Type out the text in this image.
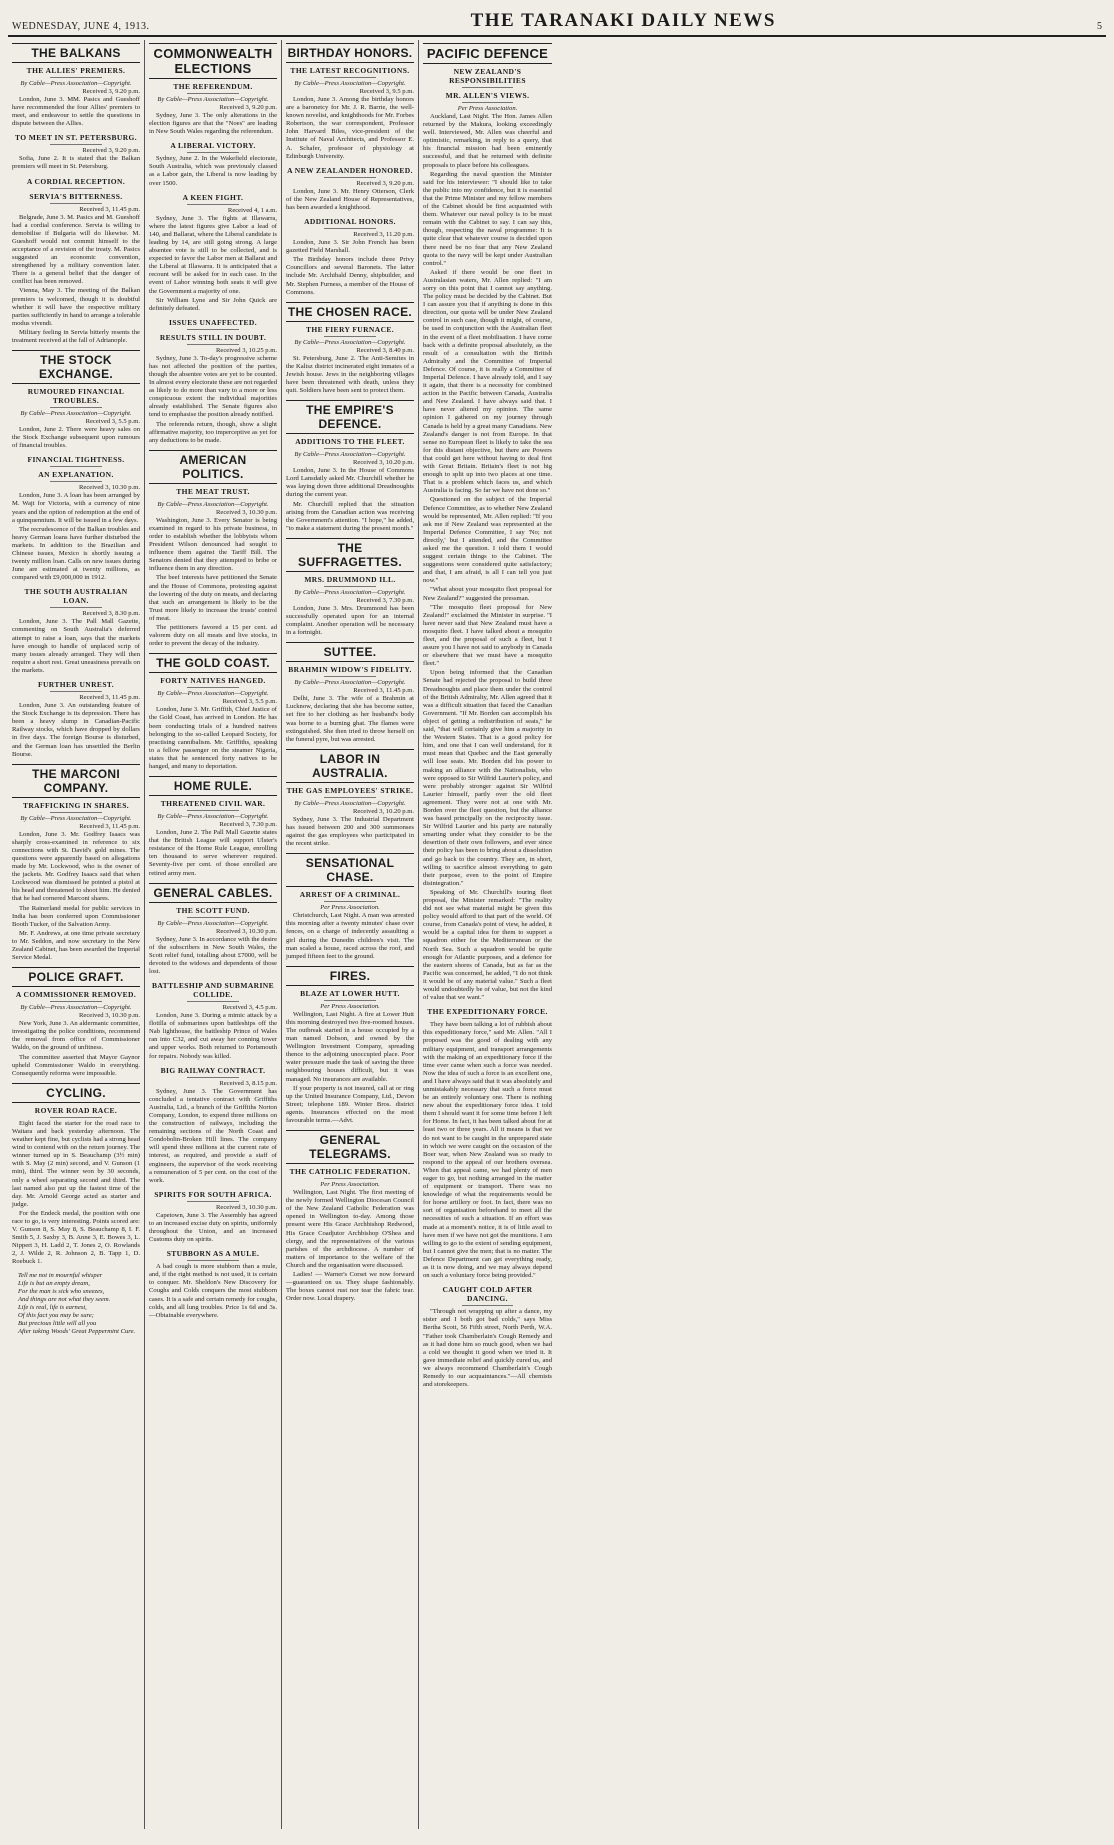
WEDNESDAY, JUNE 4, 1913.	THE TARANAKI DAILY NEWS	5
THE BALKANS
THE ALLIES' PREMIERS.
By Cable—Press Association—Copyright.
Received 3, 9.20 p.m.

London, June 3. MM. Pasics and Gueshoff have recommended the four Allies' premiers to meet, and endeavour to settle the questions in dispute between the Allies.

TO MEET IN ST. PETERSBURG.
Received 3, 9.20 p.m.

Sofia, June 2. It is stated that the Balkan premiers will meet in St. Petersburg.

A CORDIAL RECEPTION.
SERVIA'S BITTERNESS.
Received 3, 11.45 p.m.

Belgrade, June 3. M. Pasics and M. Gueshoff had a cordial conference. Servia is willing to demobilise if Bulgaria will do likewise. M. Gueshoff would not commit himself to the acceptance of a revision of the treaty. M. Pasics suggested an economic convention, strengthened by a military convention later. There is a general belief that the danger of conflict has been removed.

Vienna, May 3. The meeting of the Balkan premiers is welcomed, though it is doubtful whether it will have the respective military parties sufficiently in hand to arrange a tolerable modus vivendi.

Military feeling in Servia bitterly resents the treatment received at the fall of Adrianople.

THE STOCK EXCHANGE.
RUMOURED FINANCIAL TROUBLES.
By Cable—Press Association—Copyright.
Received 3, 5.5 p.m.

London, June 2. There were heavy sales on the Stock Exchange subsequent upon rumours of financial troubles.

FINANCIAL TIGHTNESS.
AN EXPLANATION.
Received 3, 10.30 p.m.

London, June 3. A loan has been arranged by M. Wajt for Victoria, with a currency of nine years and the option of redemption at the end of a quinquennium. It will be issued in a few days.

The recrudescence of the Balkan troubles and heavy German loans have further disturbed the markets. In addition to the Brazilian and Chinese issues, Mexico is shortly issuing a twenty million loan. Calls on new issues during June are estimated at twenty millions, as compared with £9,000,000 in 1912.

THE SOUTH AUSTRALIAN LOAN.
Received 3, 8.30 p.m.

London, June 3. The Pall Mall Gazette, commenting on South Australia's deferred attempt to raise a loan, says that the markets have enough to handle of unplaced scrip of many issues already arranged. They will then require a short rest. Great uneasiness prevails on the markets.

FURTHER UNREST.
Received 3, 11.45 p.m.

London, June 3. An outstanding feature of the Stock Exchange is its depression. There has been a heavy slump in Canadian-Pacific Railway stocks, which have dropped by dollars in five days. The foreign Bourse is disturbed, and the German loan has unsettled the Berlin Bourse.

THE MARCONI COMPANY.
TRAFFICKING IN SHARES.
By Cable—Press Association—Copyright.
Received 3, 11.45 p.m.

London, June 3. Mr. Godfrey Isaacs was sharply cross-examined in reference to six connections with St. David's gold mines. The questions were apparently based on allegations made by Mr. Lockwood, who is the owner of the jackets. Mr. Godfrey Isaacs said that when Lockwood was dismissed he pointed a pistol at his head and threatened to shoot him. He denied that he had cornered Marconi shares.

The Rainerland medal for public services in India has been conferred upon Commissioner Booth Tucker, of the Salvation Army.

Mr. F. Andrews, at one time private secretary to Mr. Seddon, and now secretary to the New Zealand Cabinet, has been awarded the Imperial Service Medal.

POLICE GRAFT.
A COMMISSIONER REMOVED.
By Cable—Press Association—Copyright.
Received 3, 10.30 p.m.

New York, June 3. An aldermanic committee, investigating the police conditions, recommend the removal from office of Commissioner Waldo, on the ground of unfitness.

The committee asserted that Mayor Gaynor upheld Commissioner Waldo in everything. Consequently reforms were impossible.

CYCLING.
ROVER ROAD RACE.

Eight faced the starter for the road race to Waitara and back yesterday afternoon. The weather kept fine, but cyclists had a strong head wind to contend with on the return journey. The winner turned up in S. Beauchamp (3½ min) with S. May (2 min) second, and V. Gunson (1 min), third. The winner won by 30 seconds, only a wheel separating second and third. The last named also put up the fastest time of the day. Mr. Arnold George acted as starter and judge.

For the Endeck medal, the position with one race to go, is very interesting. Points scored are: V. Gunson 8, S. May 8, S. Beauchamp 8, I. F. Smith 5, J. Saxby 3, B. Anne 3, E. Bowes 3, L. Nippert 3, H. Ladd 2, T. Jones 2, O. Rowlands 2, J. Wilde 2, R. Johnson 2, B. Tapp 1, D. Roebuck 1.

Tell me not in mournful whisper
Life is but an empty dream,
For the man is sick who sneezes,
And things are not what they seem.
Life is real, life is earnest,
Of this fact you may be sure;
But precious little will all you
After taking Woods' Great Peppermint Cure.
COMMONWEALTH ELECTIONS
THE REFERENDUM.
By Cable—Press Association—Copyright.
Received 3, 9.20 p.m.

Sydney, June 3. The only alterations in the election figures are that the "Noes" are leading in New South Wales regarding the referendum.

A LIBERAL VICTORY.

Sydney, June 2. In the Wakefield electorate, South Australia, which was previously classed as a Labor gain, the Liberal is now leading by over 1500.

A KEEN FIGHT.
Received 4, 1 a.m.

Sydney, June 3. The fights at Illawarra, where the latest figures give Labor a lead of 140, and Ballarat, where the Liberal candidate is leading by 14, are still going strong. A large absentee vote is still to be collected, and is expected to favor the Labor men at Ballarat and the Liberal at Illawarra. It is anticipated that a recount will be asked for in each case. In the event of Labor winning both seats it will give the Government a majority of one.

Sir William Lyne and Sir John Quick are definitely defeated.

ISSUES UNAFFECTED.
RESULTS STILL IN DOUBT.
Received 3, 10.25 p.m.

Sydney, June 3. To-day's progressive scheme has not affected the position of the parties, though the absentee votes are yet to be counted. In almost every electorate these are not regarded as likely to do more than vary to a more or less conspicuous extent the individual majorities already established. The Senate figures also tend to emphasise the position already notified.

The referenda return, though, show a slight affirmative majority, too imperceptive as yet for any deductions to be made.

AMERICAN POLITICS.
THE MEAT TRUST.
By Cable—Press Association—Copyright.
Received 3, 10.30 p.m.

Washington, June 3. Every Senator is being examined in regard to his private business, in order to establish whether the lobbyists whom President Wilson denounced had sought to influence them against the Tariff Bill. The Senators denied that they attempted to bribe or influence them in any direction.

The beef interests have petitioned the Senate and the House of Commons, protesting against the lowering of the duty on meats, and declaring that such an arrangement is likely to be the Trust more likely to increase the trusts' control of meat.

The petitioners favored a 15 per cent. ad valorem duty on all meats and live stocks, in order to prevent the decay of the industry.

THE GOLD COAST.
FORTY NATIVES HANGED.
By Cable—Press Association—Copyright.
Received 3, 5.5 p.m.

London, June 3. Mr. Griffith, Chief Justice of the Gold Coast, has arrived in London. He has been conducting trials of a hundred natives belonging to the so-called Leopard Society, for practising cannibalism. Mr. Griffiths, speaking to a fellow passenger on the steamer Nigeria, states that he sentenced forty natives to be hanged, and many to deportation.

HOME RULE.
THREATENED CIVIL WAR.
By Cable—Press Association—Copyright.
Received 3, 7.30 p.m.

London, June 2. The Pall Mall Gazette states that the British League will support Ulster's resistance of the Home Rule League, enrolling ten thousand to serve wherever required. Seventy-five per cent. of those enrolled are retired army men.

GENERAL CABLES.
THE SCOTT FUND.
By Cable—Press Association—Copyright.
Received 3, 10.30 p.m.

Sydney, June 3. In accordance with the desire of the subscribers in New South Wales, the Scott relief fund, totalling about £7000, will be devoted to the widows and dependents of those lost.

BATTLESHIP AND SUBMARINE COLLIDE.
Received 3, 4.5 p.m.

London, June 3. During a mimic attack by a flotilla of submarines upon battleships off the Nab lighthouse, the battleship Prince of Wales ran into C32, and cut away her conning tower and upper works. Both returned to Portsmouth for repairs. Nobody was killed.

BIG RAILWAY CONTRACT.
Received 3, 8.15 p.m.

Sydney, June 3. The Government has concluded a tentative contract with Griffiths Australia, Ltd., a branch of the Griffiths Norton Company, London, to expend three millions on the construction of railways, including the remaining sections of the North Coast and Condobolin-Broken Hill lines. The company will spend three millions at the current rate of interest, as required, and provide a staff of engineers, the supervisor of the work receiving a remuneration of 5 per cent. on the cost of the work.

SPIRITS FOR SOUTH AFRICA.
Received 3, 10.30 p.m.

Capetown, June 3. The Assembly has agreed to an increased excise duty on spirits, uniformly throughout the Union, and an increased Customs duty on spirits.

STUBBORN AS A MULE.

A bad cough is more stubborn than a mule, and, if the right method is not used, it is certain to conquer. Mr. Sheldon's New Discovery for Coughs and Colds conquers the most stubborn cases. It is a safe and certain remedy for coughs, colds, and all lung troubles. Price 1s 6d and 3s.—Obtainable everywhere.

BIRTHDAY HONORS.
THE LATEST RECOGNITIONS.
By Cable—Press Association—Copyright.
Received 3, 9.5 p.m.

London, June 3. Among the birthday honors are a baronetcy for Mr. J. R. Barrie, the well-known novelist, and knighthoods for Mr. Forbes Robertson, the war correspondent, Professor John Harvard Biles, vice-president of the Institute of Naval Architects, and Professor E. A. Schafer, professor of physiology at Edinburgh University.

A NEW ZEALANDER HONORED.
Received 3, 9.20 p.m.

London, June 3. Mr. Henry Otterson, Clerk of the New Zealand House of Representatives, has been awarded a knighthood.

ADDITIONAL HONORS.
Received 3, 11.20 p.m.

London, June 3. Sir John French has been gazetted Field Marshall.

The Birthday honors include three Privy Councillors and several Baronets. The latter include Mr. Archibald Denny, shipbuilder, and Mr. Stephen Furness, a member of the House of Commons.

THE CHOSEN RACE.
THE FIERY FURNACE.
By Cable—Press Association—Copyright.
Received 3, 8.40 p.m.

St. Petersburg, June 2. The Anti-Semites in the Kalisz district incinerated eight inmates of a Jewish house. Jews in the neighboring villages have been threatened with death, unless they quit. Soldiers have been sent to protect them.

THE EMPIRE'S DEFENCE.
ADDITIONS TO THE FLEET.
By Cable—Press Association—Copyright.
Received 3, 10.20 p.m.

London, June 3. In the House of Commons Lord Lansdaily asked Mr. Churchill whether he was laying down three additional Dreadnoughts during the current year.

Mr. Churchill replied that the situation arising from the Canadian action was receiving the Government's attention. "I hope," he added, "to make a statement during the present month."

THE SUFFRAGETTES.
MRS. DRUMMOND ILL.
By Cable—Press Association—Copyright.
Received 3, 7.30 p.m.

London, June 3. Mrs. Drummond has been successfully operated upon for an internal complaint. Another operation will be necessary in a fortnight.

SUTTEE.
BRAHMIN WIDOW'S FIDELITY.
By Cable—Press Association—Copyright.
Received 3, 11.45 p.m.

Delhi, June 3. The wife of a Brahmin at Lucknow, declaring that she has become suttee, set fire to her clothing as her husband's body was borne to a burning ghat. The flames were extinguished. She then tried to throw herself on the funeral pyre, but was arrested.

LABOR IN AUSTRALIA.
THE GAS EMPLOYEES' STRIKE.
By Cable—Press Association—Copyright.
Received 3, 10.20 p.m.

Sydney, June 3. The Industrial Department has issued between 200 and 300 summonses against the gas employees who participated in the recent strike.

SENSATIONAL CHASE.
ARREST OF A CRIMINAL.
Per Press Association.

Christchurch, Last Night. A man was arrested this morning after a twenty minutes' chase over fences, on a charge of indecently assaulting a girl during the Dunedin children's visit. The man scaled a house, raced across the roof, and jumped fifteen feet to the ground.

FIRES.
BLAZE AT LOWER HUTT.
Per Press Association.

Wellington, Last Night. A fire at Lower Hutt this morning destroyed two five-roomed houses. The outbreak started in a house occupied by a man named Dobson, and owned by the Wellington Investment Company, spreading thence to the adjoining unoccupied place. Poor water pressure made the task of saving the three neighbouring houses difficult, but it was managed. No insurances are available.

If your property is not insured, call at or ring up the United Insurance Company, Ltd., Devon Street; telephone 189. Winter Bros. district agents. Insurances effected on the most favourable terms.—Advt.

GENERAL TELEGRAMS.
THE CATHOLIC FEDERATION.
Per Press Association.

Wellington, Last Night. The first meeting of the newly formed Wellington Diocesan Council of the New Zealand Catholic Federation was opened in Wellington to-day. Among those present were His Grace Archbishop Redwood, His Grace Coadjutor Archbishop O'Shea and clergy, and the representatives of the various parishes of the archdiocese. A number of matters of importance to the welfare of the Church and the organisation were discussed.

Ladies! — Warner's Corset we now forward—guaranteed on us. They shape fashionably. The boxes cannot rust nor tear the fabric tear. Order now. Local drapery.

PACIFIC DEFENCE
NEW ZEALAND'S RESPONSIBILITIES
MR. ALLEN'S VIEWS.
Per Press Association.

Auckland, Last Night. The Hon. James Allen returned by the Makura, looking exceedingly well. Interviewed, Mr. Allen was cheerful and optimistic, remarking, in reply to a query, that his financial mission had been eminently successful, and that he returned with definite proposals to place before his colleagues.

Regarding the naval question the Minister said for his interviewer: "I should like to take the public into my confidence, but it is essential that the Prime Minister and my fellow members of the Cabinet should be first acquainted with them. Whatever our naval policy is to be must remain with the Cabinet to say. I can say this, though, respecting the naval programme: It is quite clear that whatever course is decided upon there need be no fear that any New Zealand quota to the navy will be kept under Australian control."

Asked if there would be one fleet in Australasian waters, Mr. Allen replied: "I am sorry on this point that I cannot say anything. The policy must be decided by the Cabinet. But I can assure you that if anything is done in this direction, our quota will be under New Zealand control in such case, though it might, of course, be used in conjunction with the Australian fleet in the event of a fleet mobilisation. I have come back with a definite proposal absolutely, as the result of a consultation with the British Admiralty and the Committee of Imperial Defence. Of course, it is really a Committee of Imperial Defence. I have already told, and I say it again, that there is a necessity for combined action in the Pacific between Canada, Australia and New Zealand. I have always said that. I have never altered my opinion. The same opinion I gathered on my journey through Canada is held by a great many Canadians. New Zealand's danger is not from Europe. In that sense no European fleet is likely to take the sea for this distant objective, but there are Powers that could get here without having to deal first with Great Britain. Britain's fleet is not big enough to split up into two places at one time. That is a problem which faces us, and which Australia is facing. So far we have not done so."

Questioned on the subject of the Imperial Defence Committee, as to whether New Zealand would be represented, Mr. Allen replied: "If you ask me if New Zealand was represented at the Imperial Defence Committee, I say 'No; not directly,' but I attended, and the Committee asked me the question. I told them I would suggest certain things to the Cabinet. The suggestions were considered quite satisfactory; and that, I am afraid, is all I can tell you just now."

"What about your mosquito fleet proposal for New Zealand?" suggested the pressman.

"The mosquito fleet proposal for New Zealand!" exclaimed the Minister in surprise. "I have never said that New Zealand must have a mosquito fleet. I have talked about a mosquito fleet, and the proposal of such a fleet, but I assure you I have not said to anybody in Canada or elsewhere that we must have a mosquito fleet."

Upon being informed that the Canadian Senate had rejected the proposal to build three Dreadnoughts and place them under the control of the British Admiralty, Mr. Allen agreed that it was a difficult situation that faced the Canadian Government. "If Mr. Borden can accomplish his object of getting a redistribution of seats," he said, "that will certainly give him a majority in the Western States. That is a good policy for him, and one that I can well understand, for it must mean that Quebec and the East generally will lose seats. Mr. Borden did his power to making an alliance with the Nationalists, who were opposed to Sir Wilfrid Laurier's policy, and were probably stronger against Sir Wilfrid Laurier himself, partly over the old fleet agreement. They were not at one with Mr. Borden over the fleet question, but the alliance was based principally on the reciprocity issue. Sir Wilfrid Laurier and his party are naturally smarting under what they consider to be the desertion of their own followers, and ever since their policy has been to bring about a dissolution and go back to the country. They are, in short, willing to sacrifice almost everything to gain their purpose, even to the point of Empire disintegration."

Speaking of Mr. Churchill's touring fleet proposal, the Minister remarked: "The reality did not see what material might be given this policy would afford to that part of the world. Of course, from Canada's point of view, he added, it would be a capital idea for them to support a squadron either for the Mediterranean or the North Sea. Such a squadron would be quite enough for Atlantic purposes, and a defence for the eastern shores of Canada, but as far as the Pacific was concerned, he added, "I do not think it would be of any material value." Such a fleet would undoubtedly be of value, but not the kind of value that we want."

THE EXPEDITIONARY FORCE.

They have been talking a lot of rubbish about this expeditionary force," said Mr. Allen. "All I proposed was the good of dealing with any military equipment, and transport arrangements with the making of an expeditionary force if the time ever came when such a force was needed. Now the idea of such a force is an excellent one, and I have always said that it was absolutely and unmistakably necessary that such a force must be an entirely voluntary one. There is nothing new about the expeditionary force idea. I told them I should want it for some time before I left for Home. In fact, it has been talked about for at least two or three years. All it means is that we do not want to be caught in the unprepared state in which we were caught on the occasion of the Boer war, when New Zealand was so ready to respond to the appeal of our brothers oversea. When that appeal came, we had plenty of men eager to go, but nothing arranged in the matter of equipment or transport. There was no knowledge of what the requirements would be for horse artillery or foot. In fact, there was no sort of organisation beforehand to meet all the necessities of such a situation. If an effort was made at a moment's notice, it is of little avail to have men if we have not got the munitions. I am willing to go to the extent of sending equipment, but I cannot give the men; that is no matter. The Defence Department can get everything ready, as it is now doing, and we may always depend on such a voluntary force being provided."

CAUGHT COLD AFTER DANCING.

"Through not wrapping up after a dance, my sister and I both got bad colds," says Miss Bertha Scott, 56 Fifth street, North Perth, W.A. "Father took Chamberlain's Cough Remedy and as it had done him so much good, when we had a cold we thought it good when we tried it. It gave immediate relief and quickly cured us, and we always recommend Chamberlain's Cough Remedy to our acquaintances."—All chemists and storekeepers.
